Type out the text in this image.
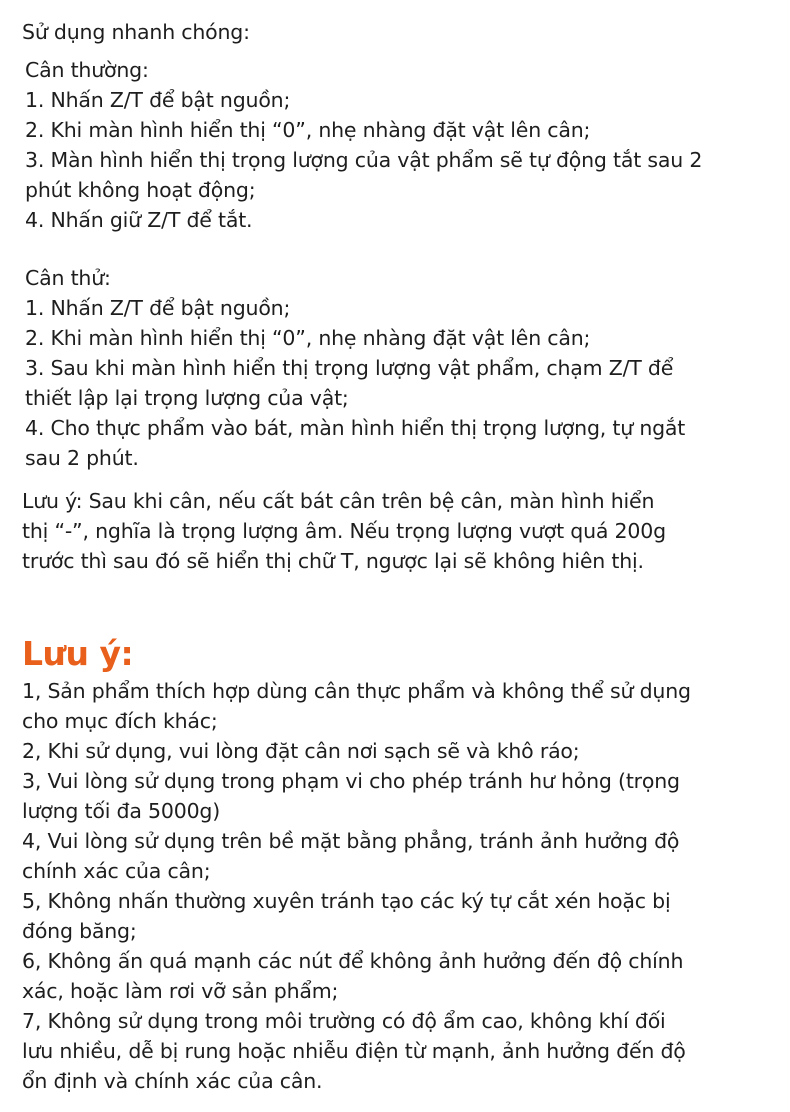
Sử dụng nhanh chóng:
Cân thường:
1. Nhấn Z/T để bật nguồn;
2. Khi màn hình hiển thị “0”, nhẹ nhàng đặt vật lên cân;
3. Màn hình hiển thị trọng lượng của vật phẩm sẽ tự động tắt sau 2
phút không hoạt động;
4. Nhấn giữ Z/T để tắt.
Cân thử:
1. Nhấn Z/T để bật nguồn;
2. Khi màn hình hiển thị “0”, nhẹ nhàng đặt vật lên cân;
3. Sau khi màn hình hiển thị trọng lượng vật phẩm, chạm Z/T để
thiết lập lại trọng lượng của vật;
4. Cho thực phẩm vào bát, màn hình hiển thị trọng lượng, tự ngắt
sau 2 phút.
Lưu ý: Sau khi cân, nếu cất bát cân trên bệ cân, màn hình hiển
thị “-”, nghĩa là trọng lượng âm. Nếu trọng lượng vượt quá 200g
trước thì sau đó sẽ hiển thị chữ T, ngược lại sẽ không hiên thị.
Lưu ý:
1, Sản phẩm thích hợp dùng cân thực phẩm và không thể sử dụng
cho mục đích khác;
2, Khi sử dụng, vui lòng đặt cân nơi sạch sẽ và khô ráo;
3, Vui lòng sử dụng trong phạm vi cho phép tránh hư hỏng (trọng
lượng tối đa 5000g)
4, Vui lòng sử dụng trên bề mặt bằng phẳng, tránh ảnh hưởng độ
chính xác của cân;
5, Không nhấn thường xuyên tránh tạo các ký tự cắt xén hoặc bị
đóng băng;
6, Không ấn quá mạnh các nút để không ảnh hưởng đến độ chính
xác, hoặc làm rơi vỡ sản phẩm;
7, Không sử dụng trong môi trường có độ ẩm cao, không khí đối
lưu nhiều, dễ bị rung hoặc nhiễu điện từ mạnh, ảnh hưởng đến độ
ổn định và chính xác của cân.
